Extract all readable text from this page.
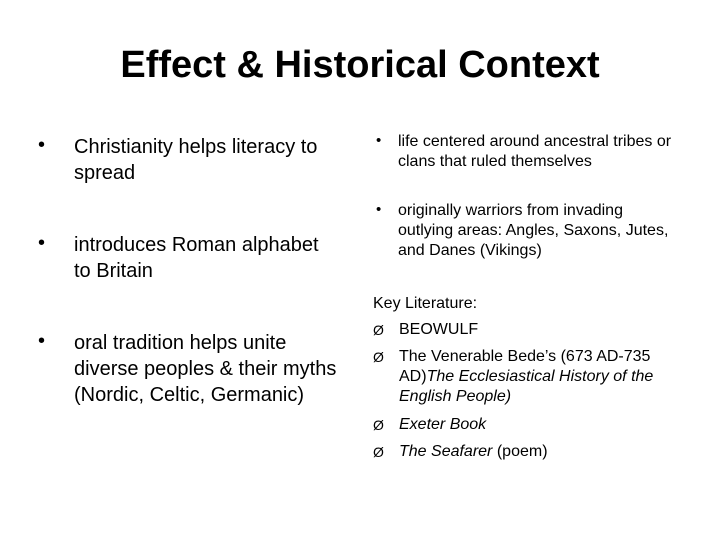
Effect & Historical Context
•	Christianity helps literacy to spread
•	introduces Roman alphabet to Britain
•	oral tradition helps unite diverse peoples & their myths (Nordic, Celtic, Germanic)
•	life centered around ancestral tribes or clans that ruled themselves
•	originally warriors from invading outlying areas: Angles, Saxons, Jutes, and Danes (Vikings)
Key Literature:
Ø BEOWULF
Ø The Venerable Bede’s (673 AD-735 AD)The Ecclesiastical History of the English People)
Ø Exeter Book
Ø The Seafarer (poem)
